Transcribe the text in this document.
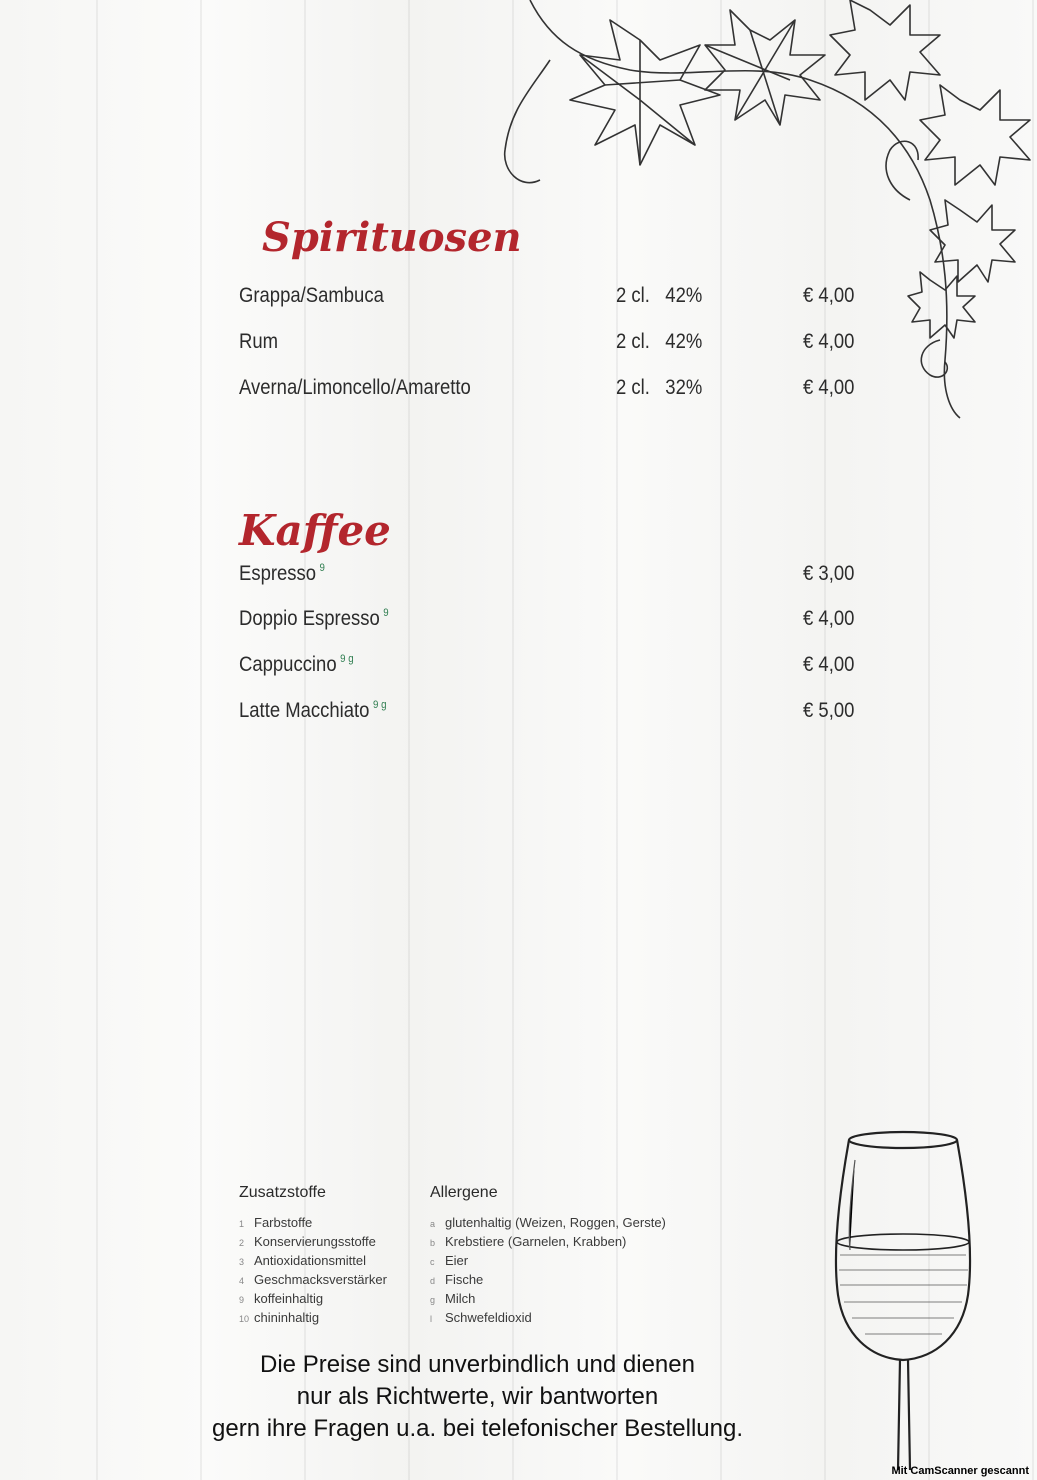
Spirituosen
Grappa/Sambuca	2 cl. 42%	€ 4,00
Rum	2 cl. 42%	€ 4,00
Averna/Limoncello/Amaretto	2 cl. 32%	€ 4,00
Kaffee
Espresso $^9$	€ 3,00
Doppio Espresso $^9$	€ 4,00
Cappuccino $^{9 g}$	€ 4,00
Latte Macchiato $^{9 g}$	€ 5,00
Zusatzstoffe
1 Farbstoffe
2 Konservierungsstoffe
3 Antioxidationsmittel
4 Geschmacksverstärker
9 koffeinhaltig
10 chininhaltig
Allergene
a glutenhaltig (Weizen, Roggen, Gerste)
b Krebstiere (Garnelen, Krabben)
c Eier
d Fische
g Milch
l Schwefeldioxid
Die Preise sind unverbindlich und dienen
nur als Richtwerte, wir bantworten
gern ihre Fragen u.a. bei telefonischer Bestellung.
Mit CamScanner gescannt
